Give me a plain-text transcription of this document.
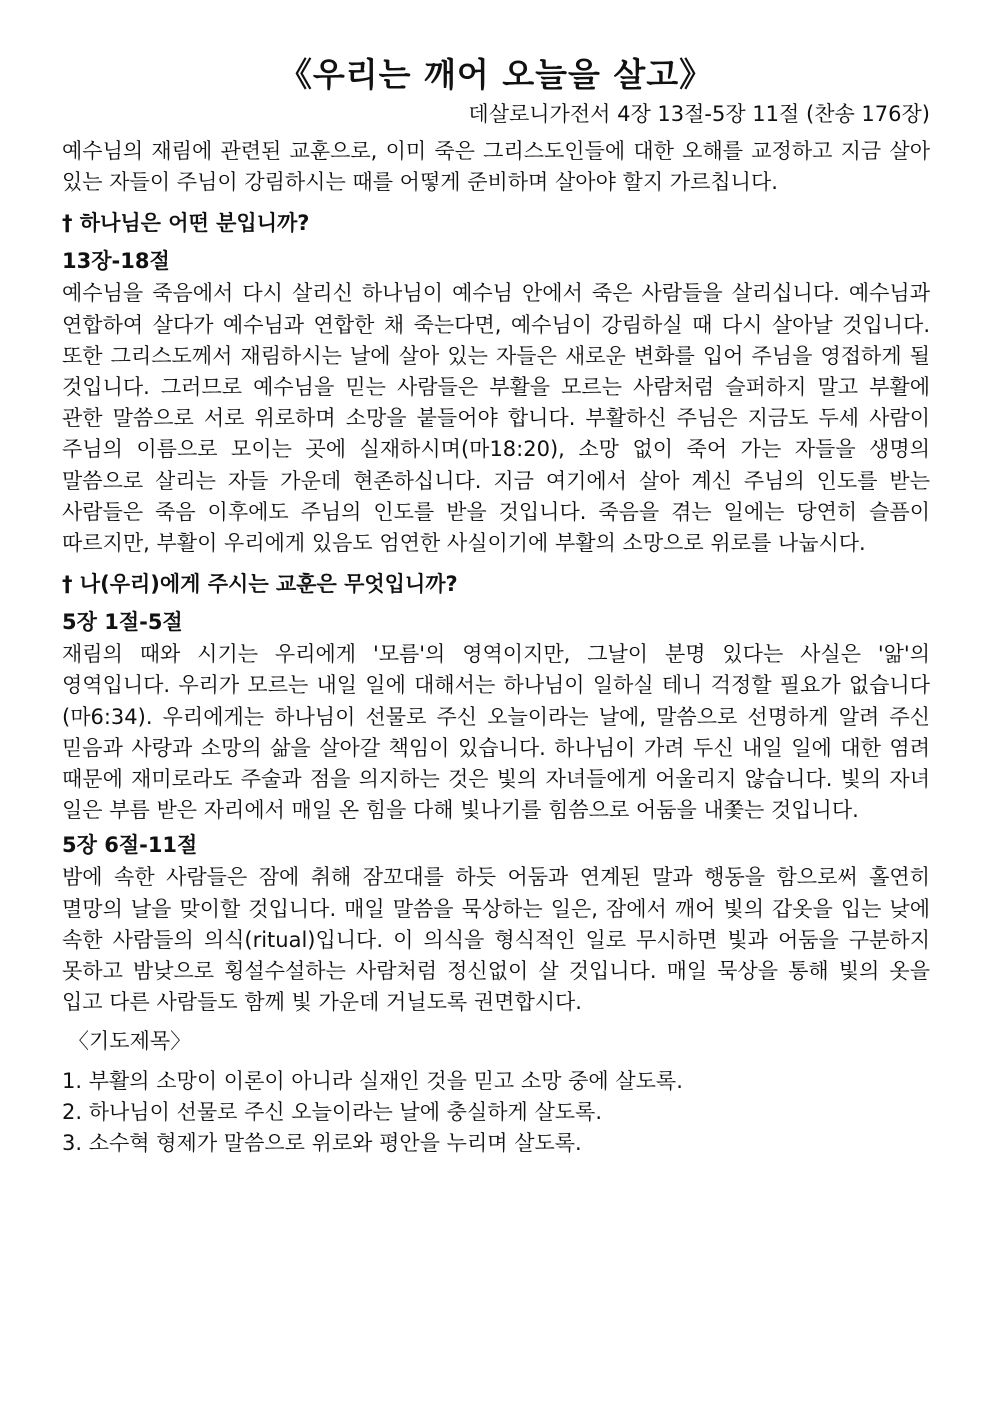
《우리는 깨어 오늘을 살고》
데살로니가전서 4장 13절-5장 11절 (찬송 176장)

예수님의 재림에 관련된 교훈으로, 이미 죽은 그리스도인들에 대한 오해를 교정하고 지금 살아 있는 자들이 주님이 강림하시는 때를 어떻게 준비하며 살아야 할지 가르칩니다.

† 하나님은 어떤 분입니까?
13장-18절

예수님을 죽음에서 다시 살리신 하나님이 예수님 안에서 죽은 사람들을 살리십니다. 예수님과 연합하여 살다가 예수님과 연합한 채 죽는다면, 예수님이 강림하실 때 다시 살아날 것입니다. 또한 그리스도께서 재림하시는 날에 살아 있는 자들은 새로운 변화를 입어 주님을 영접하게 될 것입니다. 그러므로 예수님을 믿는 사람들은 부활을 모르는 사람처럼 슬퍼하지 말고 부활에 관한 말씀으로 서로 위로하며 소망을 붙들어야 합니다. 부활하신 주님은 지금도 두세 사람이 주님의 이름으로 모이는 곳에 실재하시며(마18:20), 소망 없이 죽어 가는 자들을 생명의 말씀으로 살리는 자들 가운데 현존하십니다. 지금 여기에서 살아 계신 주님의 인도를 받는 사람들은 죽음 이후에도 주님의 인도를 받을 것입니다. 죽음을 겪는 일에는 당연히 슬픔이 따르지만, 부활이 우리에게 있음도 엄연한 사실이기에 부활의 소망으로 위로를 나눕시다.

† 나(우리)에게 주시는 교훈은 무엇입니까?
5장 1절-5절

재림의 때와 시기는 우리에게 '모름'의 영역이지만, 그날이 분명 있다는 사실은 '앎'의 영역입니다. 우리가 모르는 내일 일에 대해서는 하나님이 일하실 테니 걱정할 필요가 없습니다(마6:34). 우리에게는 하나님이 선물로 주신 오늘이라는 날에, 말씀으로 선명하게 알려 주신 믿음과 사랑과 소망의 삶을 살아갈 책임이 있습니다. 하나님이 가려 두신 내일 일에 대한 염려 때문에 재미로라도 주술과 점을 의지하는 것은 빛의 자녀들에게 어울리지 않습니다. 빛의 자녀 일은 부름 받은 자리에서 매일 온 힘을 다해 빛나기를 힘씀으로 어둠을 내쫓는 것입니다.

5장 6절-11절

밤에 속한 사람들은 잠에 취해 잠꼬대를 하듯 어둠과 연계된 말과 행동을 함으로써 홀연히 멸망의 날을 맞이할 것입니다. 매일 말씀을 묵상하는 일은, 잠에서 깨어 빛의 갑옷을 입는 낮에 속한 사람들의 의식(ritual)입니다. 이 의식을 형식적인 일로 무시하면 빛과 어둠을 구분하지 못하고 밤낮으로 횡설수설하는 사람처럼 정신없이 살 것입니다. 매일 묵상을 통해 빛의 옷을 입고 다른 사람들도 함께 빛 가운데 거닐도록 권면합시다.

〈기도제목〉
1. 부활의 소망이 이론이 아니라 실재인 것을 믿고 소망 중에 살도록.
2. 하나님이 선물로 주신 오늘이라는 날에 충실하게 살도록.
3. 소수혁 형제가 말씀으로 위로와 평안을 누리며 살도록.
